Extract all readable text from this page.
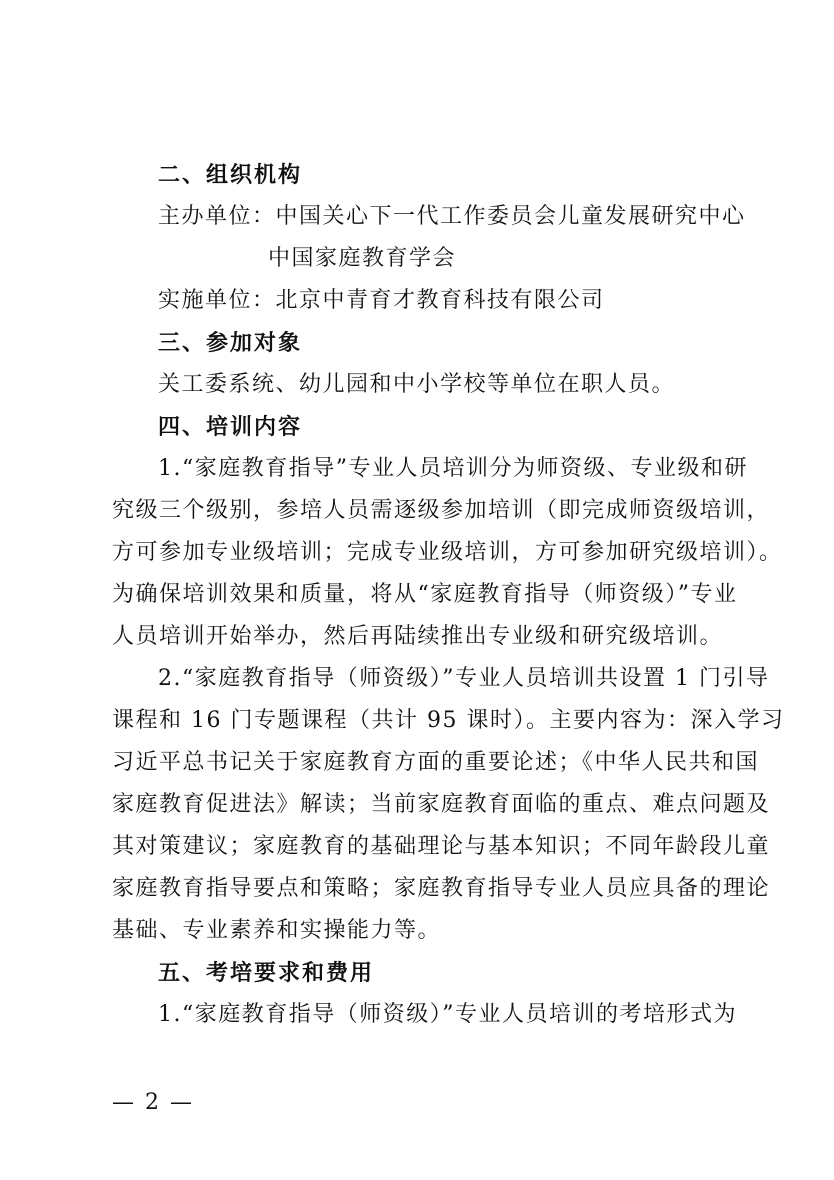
二、组织机构
主办单位：中国关心下一代工作委员会儿童发展研究中心
中国家庭教育学会
实施单位：北京中青育才教育科技有限公司
三、参加对象
关工委系统、幼儿园和中小学校等单位在职人员。
四、培训内容
1.“家庭教育指导”专业人员培训分为师资级、专业级和研
究级三个级别，参培人员需逐级参加培训（即完成师资级培训，
方可参加专业级培训；完成专业级培训，方可参加研究级培训）。
为确保培训效果和质量，将从“家庭教育指导（师资级）”专业
人员培训开始举办，然后再陆续推出专业级和研究级培训。
2.“家庭教育指导（师资级）”专业人员培训共设置 1 门引导
课程和 16 门专题课程（共计 95 课时）。主要内容为：深入学习
习近平总书记关于家庭教育方面的重要论述；《中华人民共和国
家庭教育促进法》解读；当前家庭教育面临的重点、难点问题及
其对策建议；家庭教育的基础理论与基本知识；不同年龄段儿童
家庭教育指导要点和策略；家庭教育指导专业人员应具备的理论
基础、专业素养和实操能力等。
五、考培要求和费用
1.“家庭教育指导（师资级）”专业人员培训的考培形式为
— 2 —
